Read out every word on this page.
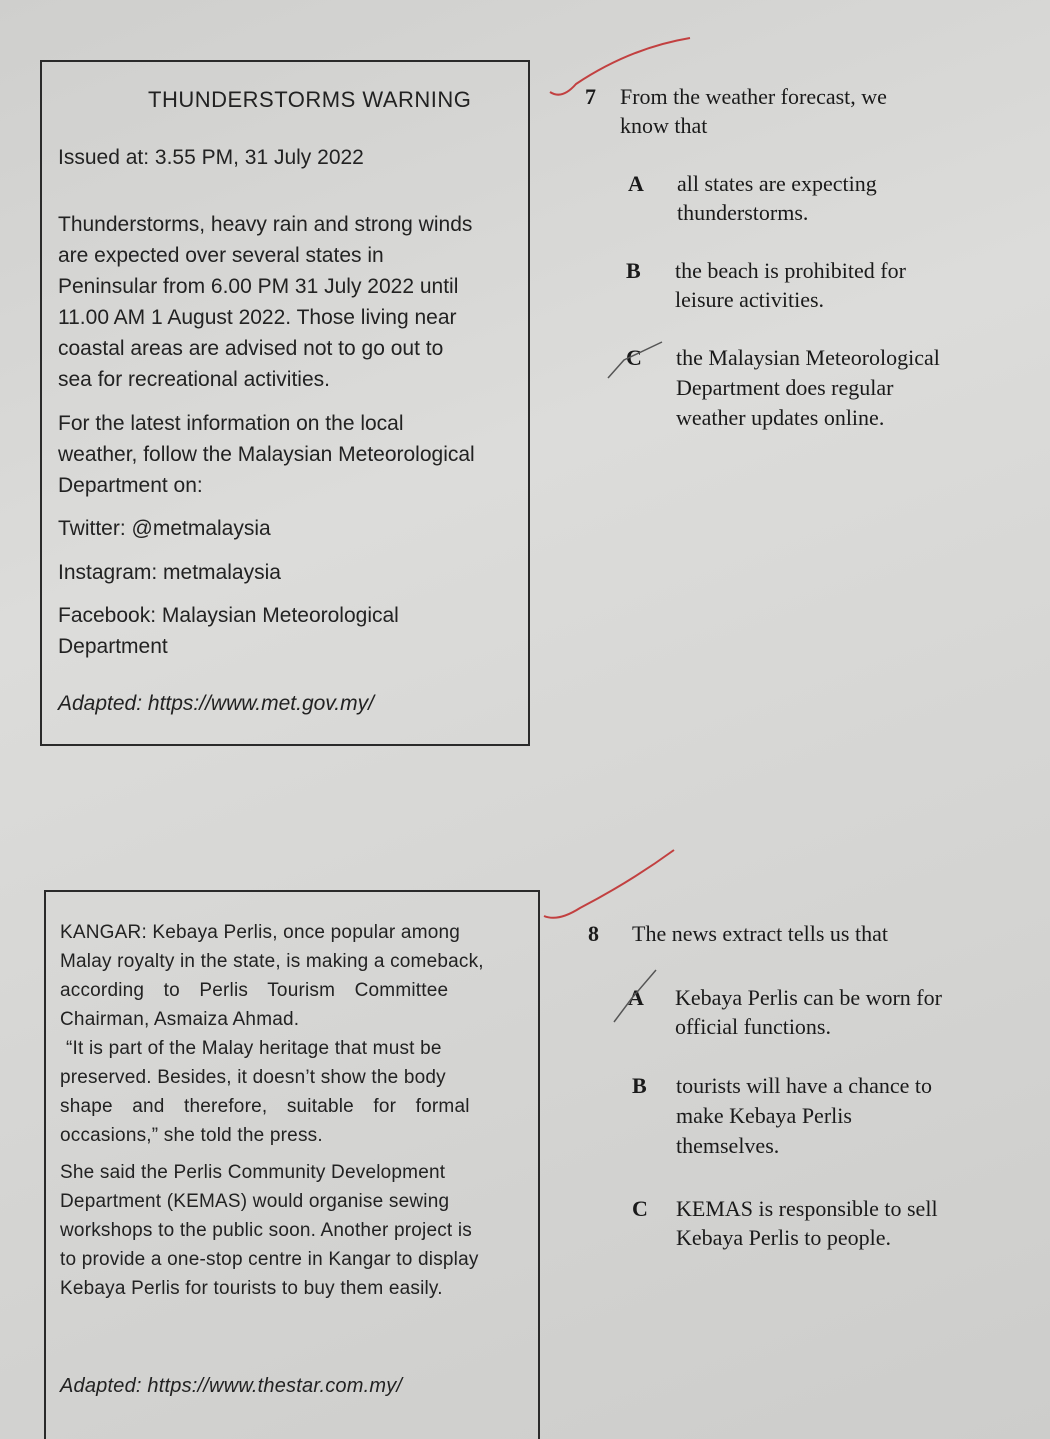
THUNDERSTORMS WARNING

Issued at: 3.55 PM, 31 July 2022

Thunderstorms, heavy rain and strong winds
are expected over several states in
Peninsular from 6.00 PM 31 July 2022 until
11.00 AM 1 August 2022. Those living near
coastal areas are advised not to go out to
sea for recreational activities.
For the latest information on the local
weather, follow the Malaysian Meteorological
Department on:

Twitter: @metmalaysia

Instagram: metmalaysia

Facebook: Malaysian Meteorological
Department

Adapted: https://www.met.gov.my/

7 From the weather forecast, we
know that
A all states are expecting
thunderstorms.
B the beach is prohibited for
leisure activities.
C the Malaysian Meteorological
Department does regular
weather updates online.
KANGAR: Kebaya Perlis, once popular among
Malay royalty in the state, is making a comeback,
according to Perlis Tourism Committee
Chairman, Asmaiza Ahmad.
“It is part of the Malay heritage that must be
preserved. Besides, it doesn’t show the body
shape and therefore, suitable for formal
occasions,” she told the press.
She said the Perlis Community Development
Department (KEMAS) would organise sewing
workshops to the public soon. Another project is
to provide a one-stop centre in Kangar to display
Kebaya Perlis for tourists to buy them easily.

Adapted: https://www.thestar.com.my/

8 The news extract tells us that

A Kebaya Perlis can be worn for
official functions.
B tourists will have a chance to
make Kebaya Perlis
themselves.
C KEMAS is responsible to sell
Kebaya Perlis to people.
